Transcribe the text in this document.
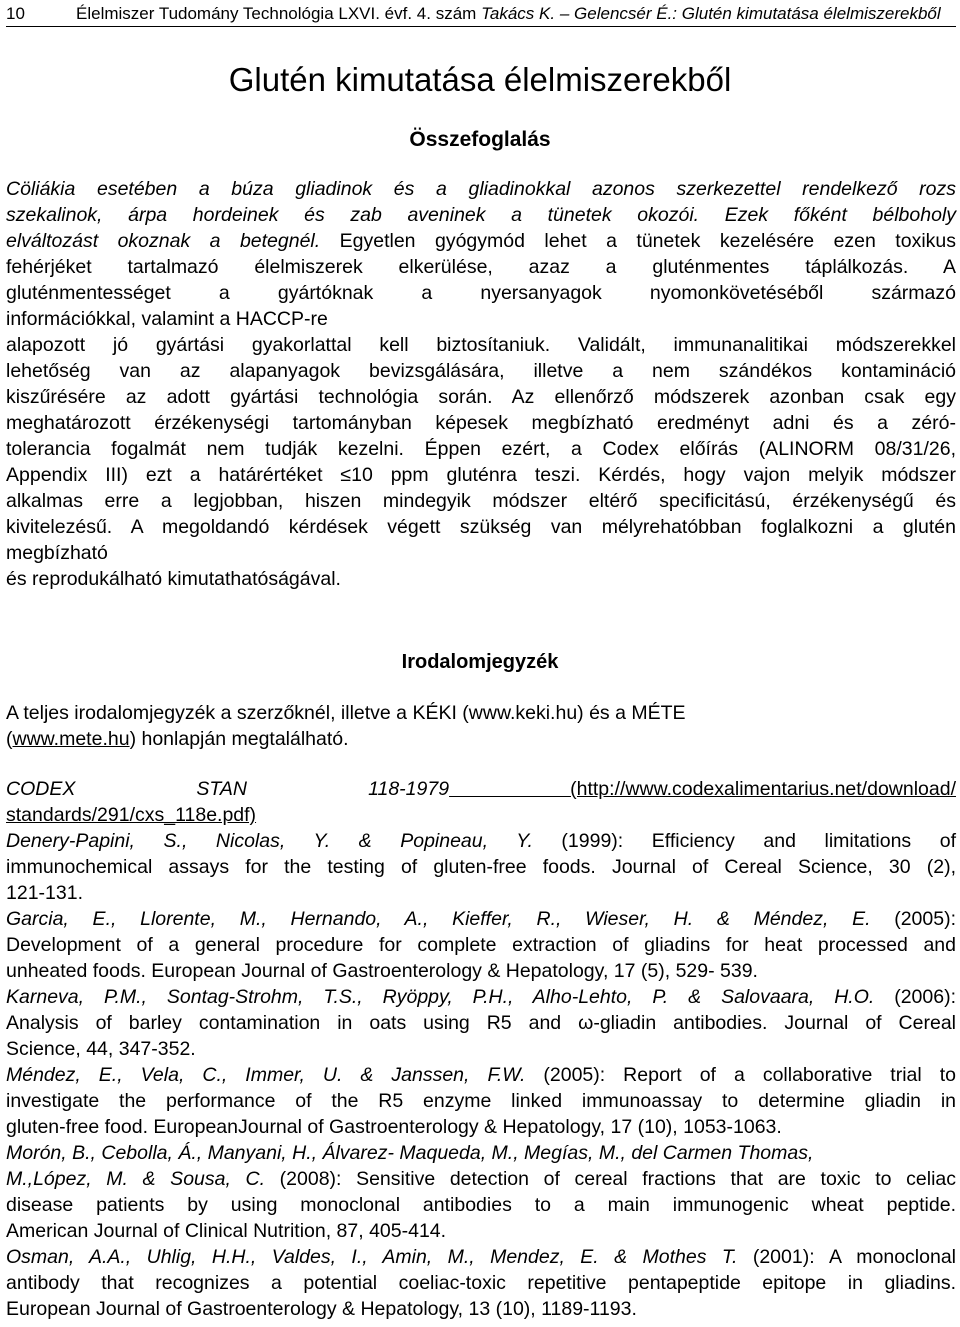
10	Élelmiszer Tudomány Technológia LXVI. évf. 4. szám Takács K. – Gelencsér É.: Glutén kimutatása élelmiszerekből
Glutén kimutatása élelmiszerekből
Összefoglalás
Cöliákia esetében a búza gliadinok és a gliadinokkal azonos szerkezettel rendelkező rozs
szekalinok, árpa hordeinek és zab aveninek a tünetek okozói. Ezek főként bélboholy
elváltozást okoznak a betegnél. Egyetlen gyógymód lehet a tünetek kezelésére ezen toxikus
fehérjéket tartalmazó élelmiszerek elkerülése, azaz a gluténmentes táplálkozás. A
gluténmentességet a gyártóknak a nyersanyagok nyomonkövetéséből származó
információkkal, valamint a HACCP-re
alapozott jó gyártási gyakorlattal kell biztosítaniuk. Validált, immunanalitikai módszerekkel
lehetőség van az alapanyagok bevizsgálására, illetve a nem szándékos kontamináció
kiszűrésére az adott gyártási technológia során. Az ellenőrző módszerek azonban csak egy
meghatározott érzékenységi tartományban képesek megbízható eredményt adni és a zéró-
tolerancia fogalmát nem tudják kezelni. Éppen ezért, a Codex előírás (ALINORM 08/31/26,
Appendix III) ezt a határértéket ≤10 ppm gluténra teszi. Kérdés, hogy vajon melyik módszer
alkalmas erre a legjobban, hiszen mindegyik módszer eltérő specificitású, érzékenységű és
kivitelezésű. A megoldandó kérdések végett szükség van mélyrehatóbban foglalkozni a glutén
megbízható
és reprodukálható kimutathatóságával.
Irodalomjegyzék
A teljes irodalomjegyzék a szerzőknél, illetve a KÉKI (www.keki.hu) és a MÉTE
(www.mete.hu) honlapján megtalálható.
CODEX STAN 118-1979 (http://www.codexalimentarius.net/download/
standards/291/cxs_118e.pdf)
Denery-Papini, S., Nicolas, Y. & Popineau, Y. (1999): Efficiency and limitations of
immunochemical assays for the testing of gluten-free foods. Journal of Cereal Science, 30 (2),
121-131.
Garcia, E., Llorente, M., Hernando, A., Kieffer, R., Wieser, H. & Méndez, E. (2005):
Development of a general procedure for complete extraction of gliadins for heat processed and
unheated foods. European Journal of Gastroenterology & Hepatology, 17 (5), 529- 539.
Karneva, P.M., Sontag-Strohm, T.S., Ryöppy, P.H., Alho-Lehto, P. & Salovaara, H.O. (2006):
Analysis of barley contamination in oats using R5 and ω-gliadin antibodies. Journal of Cereal
Science, 44, 347-352.
Méndez, E., Vela, C., Immer, U. & Janssen, F.W. (2005): Report of a collaborative trial to
investigate the performance of the R5 enzyme linked immunoassay to determine gliadin in
gluten-free food. EuropeanJournal of Gastroenterology & Hepatology, 17 (10), 1053-1063.
Morón, B., Cebolla, Á., Manyani, H., Álvarez- Maqueda, M., Megías, M., del Carmen Thomas,
M.,López, M. & Sousa, C. (2008): Sensitive detection of cereal fractions that are toxic to celiac
disease patients by using monoclonal antibodies to a main immunogenic wheat peptide.
American Journal of Clinical Nutrition, 87, 405-414.
Osman, A.A., Uhlig, H.H., Valdes, I., Amin, M., Mendez, E. & Mothes T. (2001): A monoclonal
antibody that recognizes a potential coeliac-toxic repetitive pentapeptide epitope in gliadins.
European Journal of Gastroenterology & Hepatology, 13 (10), 1189-1193.
